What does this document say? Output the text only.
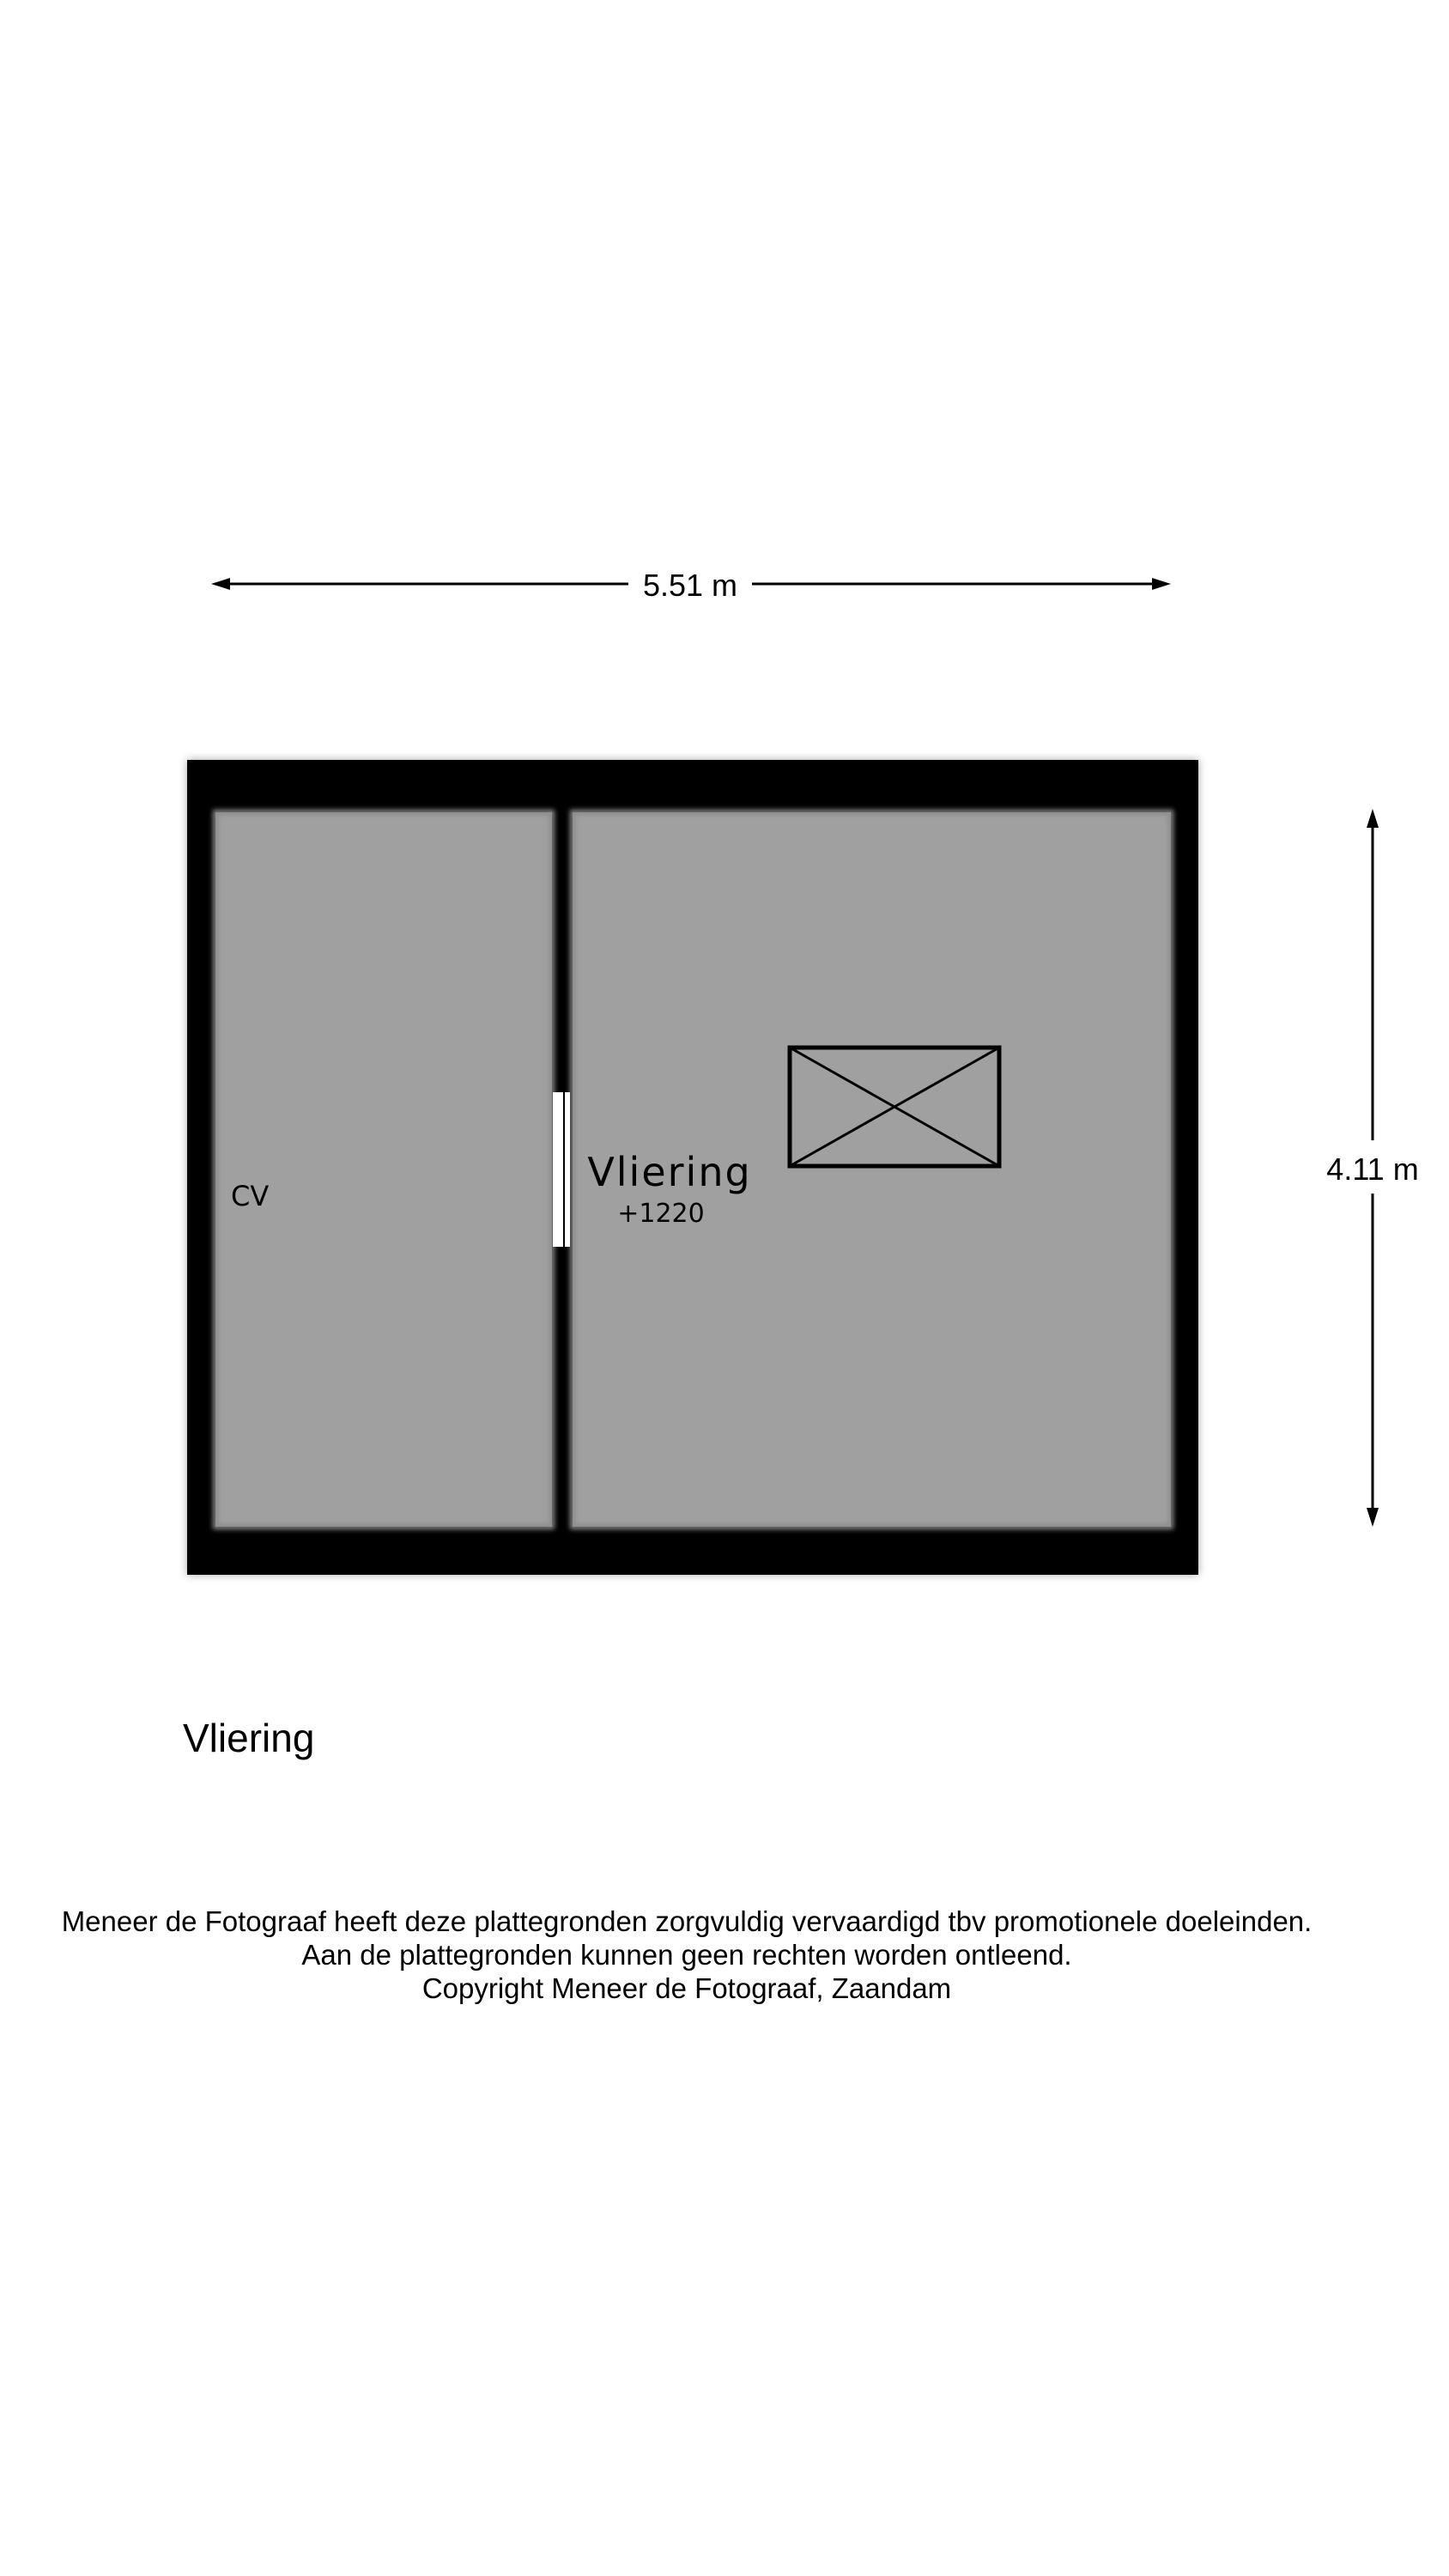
5.51 m
4.11 m
CV
Vliering
+1220
Vliering
Meneer de Fotograaf heeft deze plattegronden zorgvuldig vervaardigd tbv promotionele doeleinden.
Aan de plattegronden kunnen geen rechten worden ontleend.
Copyright Meneer de Fotograaf, Zaandam
